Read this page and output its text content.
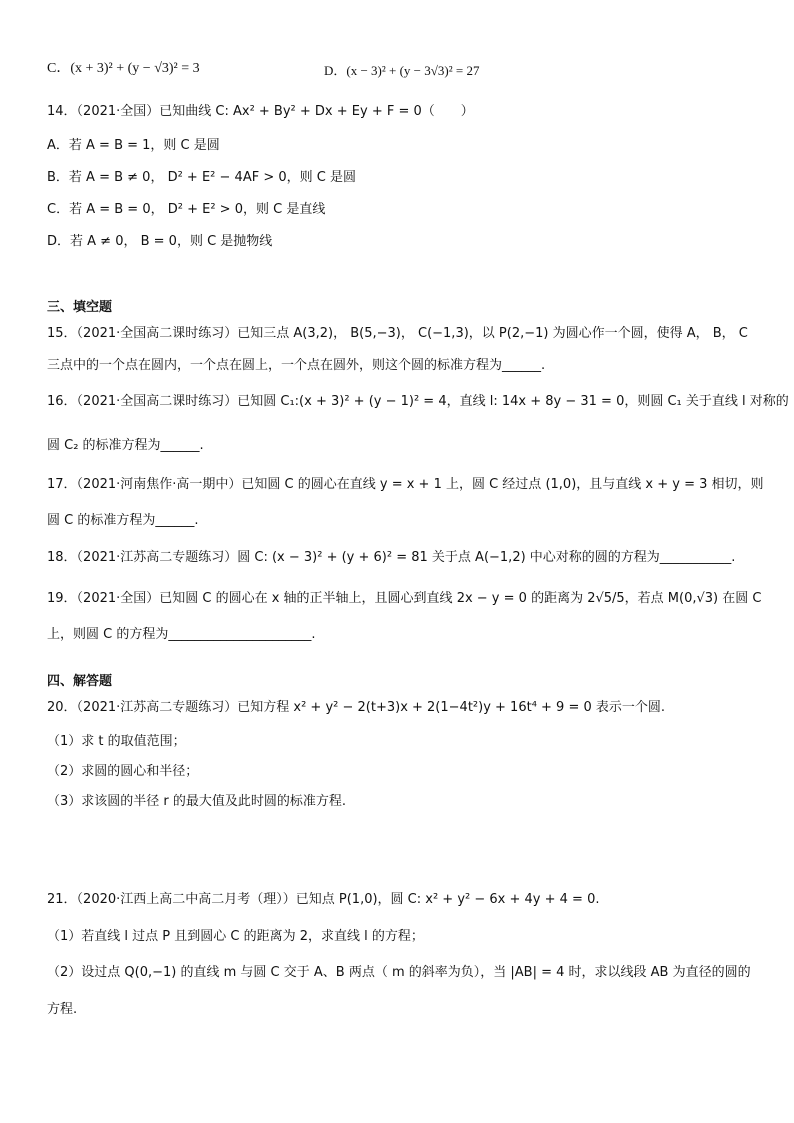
C．(x + 3)² + (y − √3)² = 3	D．(x − 3)² + (y − 3√3)² = 27
14．（2021·全国）已知曲线 C: Ax² + By² + Dx + Ey + F = 0（　　）
A．若 A = B = 1，则 C 是圆
B．若 A = B ≠ 0， D² + E² − 4AF > 0，则 C 是圆
C．若 A = B = 0， D² + E² > 0，则 C 是直线
D．若 A ≠ 0， B = 0，则 C 是抛物线
三、填空题
15．（2021·全国高二课时练习）已知三点 A(3,2)， B(5,−3)， C(−1,3)，以 P(2,−1) 为圆心作一个圆，使得 A， B， C
三点中的一个点在圆内，一个点在圆上，一个点在圆外，则这个圆的标准方程为______.
16．（2021·全国高二课时练习）已知圆 C₁:(x + 3)² + (y − 1)² = 4，直线 l: 14x + 8y − 31 = 0，则圆 C₁ 关于直线 l 对称的
圆 C₂ 的标准方程为______.
17．（2021·河南焦作·高一期中）已知圆 C 的圆心在直线 y = x + 1 上，圆 C 经过点 (1,0)，且与直线 x + y = 3 相切，则
圆 C 的标准方程为______.
18．（2021·江苏高二专题练习）圆 C: (x − 3)² + (y + 6)² = 81 关于点 A(−1,2) 中心对称的圆的方程为___________.
19．（2021·全国）已知圆 C 的圆心在 x 轴的正半轴上，且圆心到直线 2x − y = 0 的距离为 2√5/5，若点 M(0,√3) 在圆 C
上，则圆 C 的方程为______________________.
四、解答题
20．（2021·江苏高二专题练习）已知方程 x² + y² − 2(t+3)x + 2(1−4t²)y + 16t⁴ + 9 = 0 表示一个圆.
（1）求 t 的取值范围；
（2）求圆的圆心和半径；
（3）求该圆的半径 r 的最大值及此时圆的标准方程.
21．（2020·江西上高二中高二月考（理））已知点 P(1,0)，圆 C: x² + y² − 6x + 4y + 4 = 0.
（1）若直线 l 过点 P 且到圆心 C 的距离为 2，求直线 l 的方程；
（2）设过点 Q(0,−1) 的直线 m 与圆 C 交于 A、B 两点（ m 的斜率为负），当 |AB| = 4 时，求以线段 AB 为直径的圆的
方程.
